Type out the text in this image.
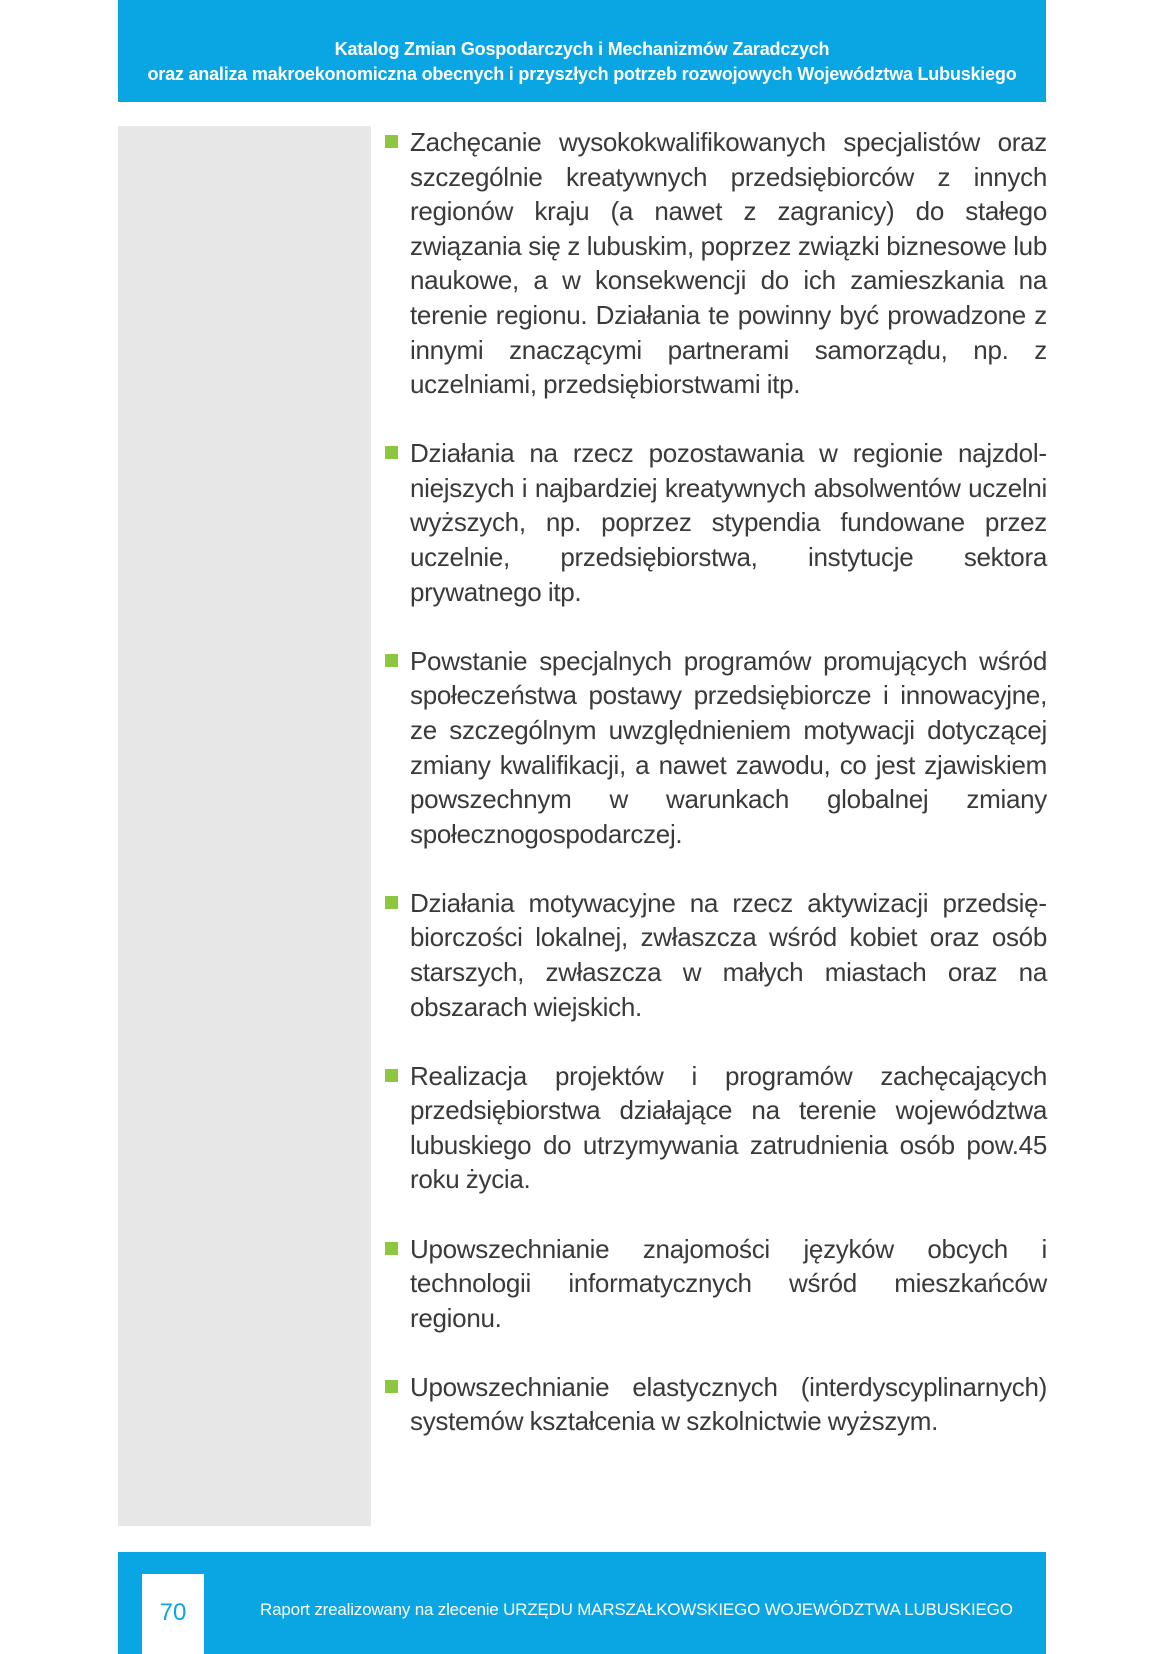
Katalog Zmian Gospodarczych i Mechanizmów Zaradczych
oraz analiza makroekonomiczna obecnych i przyszłych potrzeb rozwojowych Województwa Lubuskiego
Zachęcanie wysokokwalifikowanych specjalistów oraz szczególnie kreatywnych przedsiębiorców z innych regionów kraju (a nawet z zagranicy) do stałego związania się z lubuskim, poprzez związki biznesowe lub naukowe, a w konsekwencji do ich zamieszkania na terenie regionu. Działania te powinny być prowadzone z innymi znaczącymi partnerami samorządu, np. z uczelniami, przedsiębiorstwami itp.
Działania na rzecz pozostawania w regionie najzdolniejszych i najbardziej kreatywnych absolwentów uczelni wyższych, np. poprzez stypendia fundowane przez uczelnie, przedsiębiorstwa, instytucje sektora prywatnego itp.
Powstanie specjalnych programów promujących wśród społeczeństwa postawy przedsiębiorcze i innowacyjne, ze szczególnym uwzględnieniem motywacji dotyczącej zmiany kwalifikacji, a nawet zawodu, co jest zjawiskiem powszechnym w warunkach globalnej zmiany społecznogospodarczej.
Działania motywacyjne na rzecz aktywizacji przedsiębiorczości lokalnej, zwłaszcza wśród kobiet oraz osób starszych, zwłaszcza w małych miastach oraz na obszarach wiejskich.
Realizacja projektów i programów zachęcających przedsiębiorstwa działające na terenie województwa lubuskiego do utrzymywania zatrudnienia osób pow.45 roku życia.
Upowszechnianie znajomości języków obcych i technologii informatycznych wśród mieszkańców regionu.
Upowszechnianie elastycznych (interdyscyplinarnych) systemów kształcenia w szkolnictwie wyższym.
70	Raport zrealizowany na zlecenie URZĘDU MARSZAŁKOWSKIEGO WOJEWÓDZTWA LUBUSKIEGO
